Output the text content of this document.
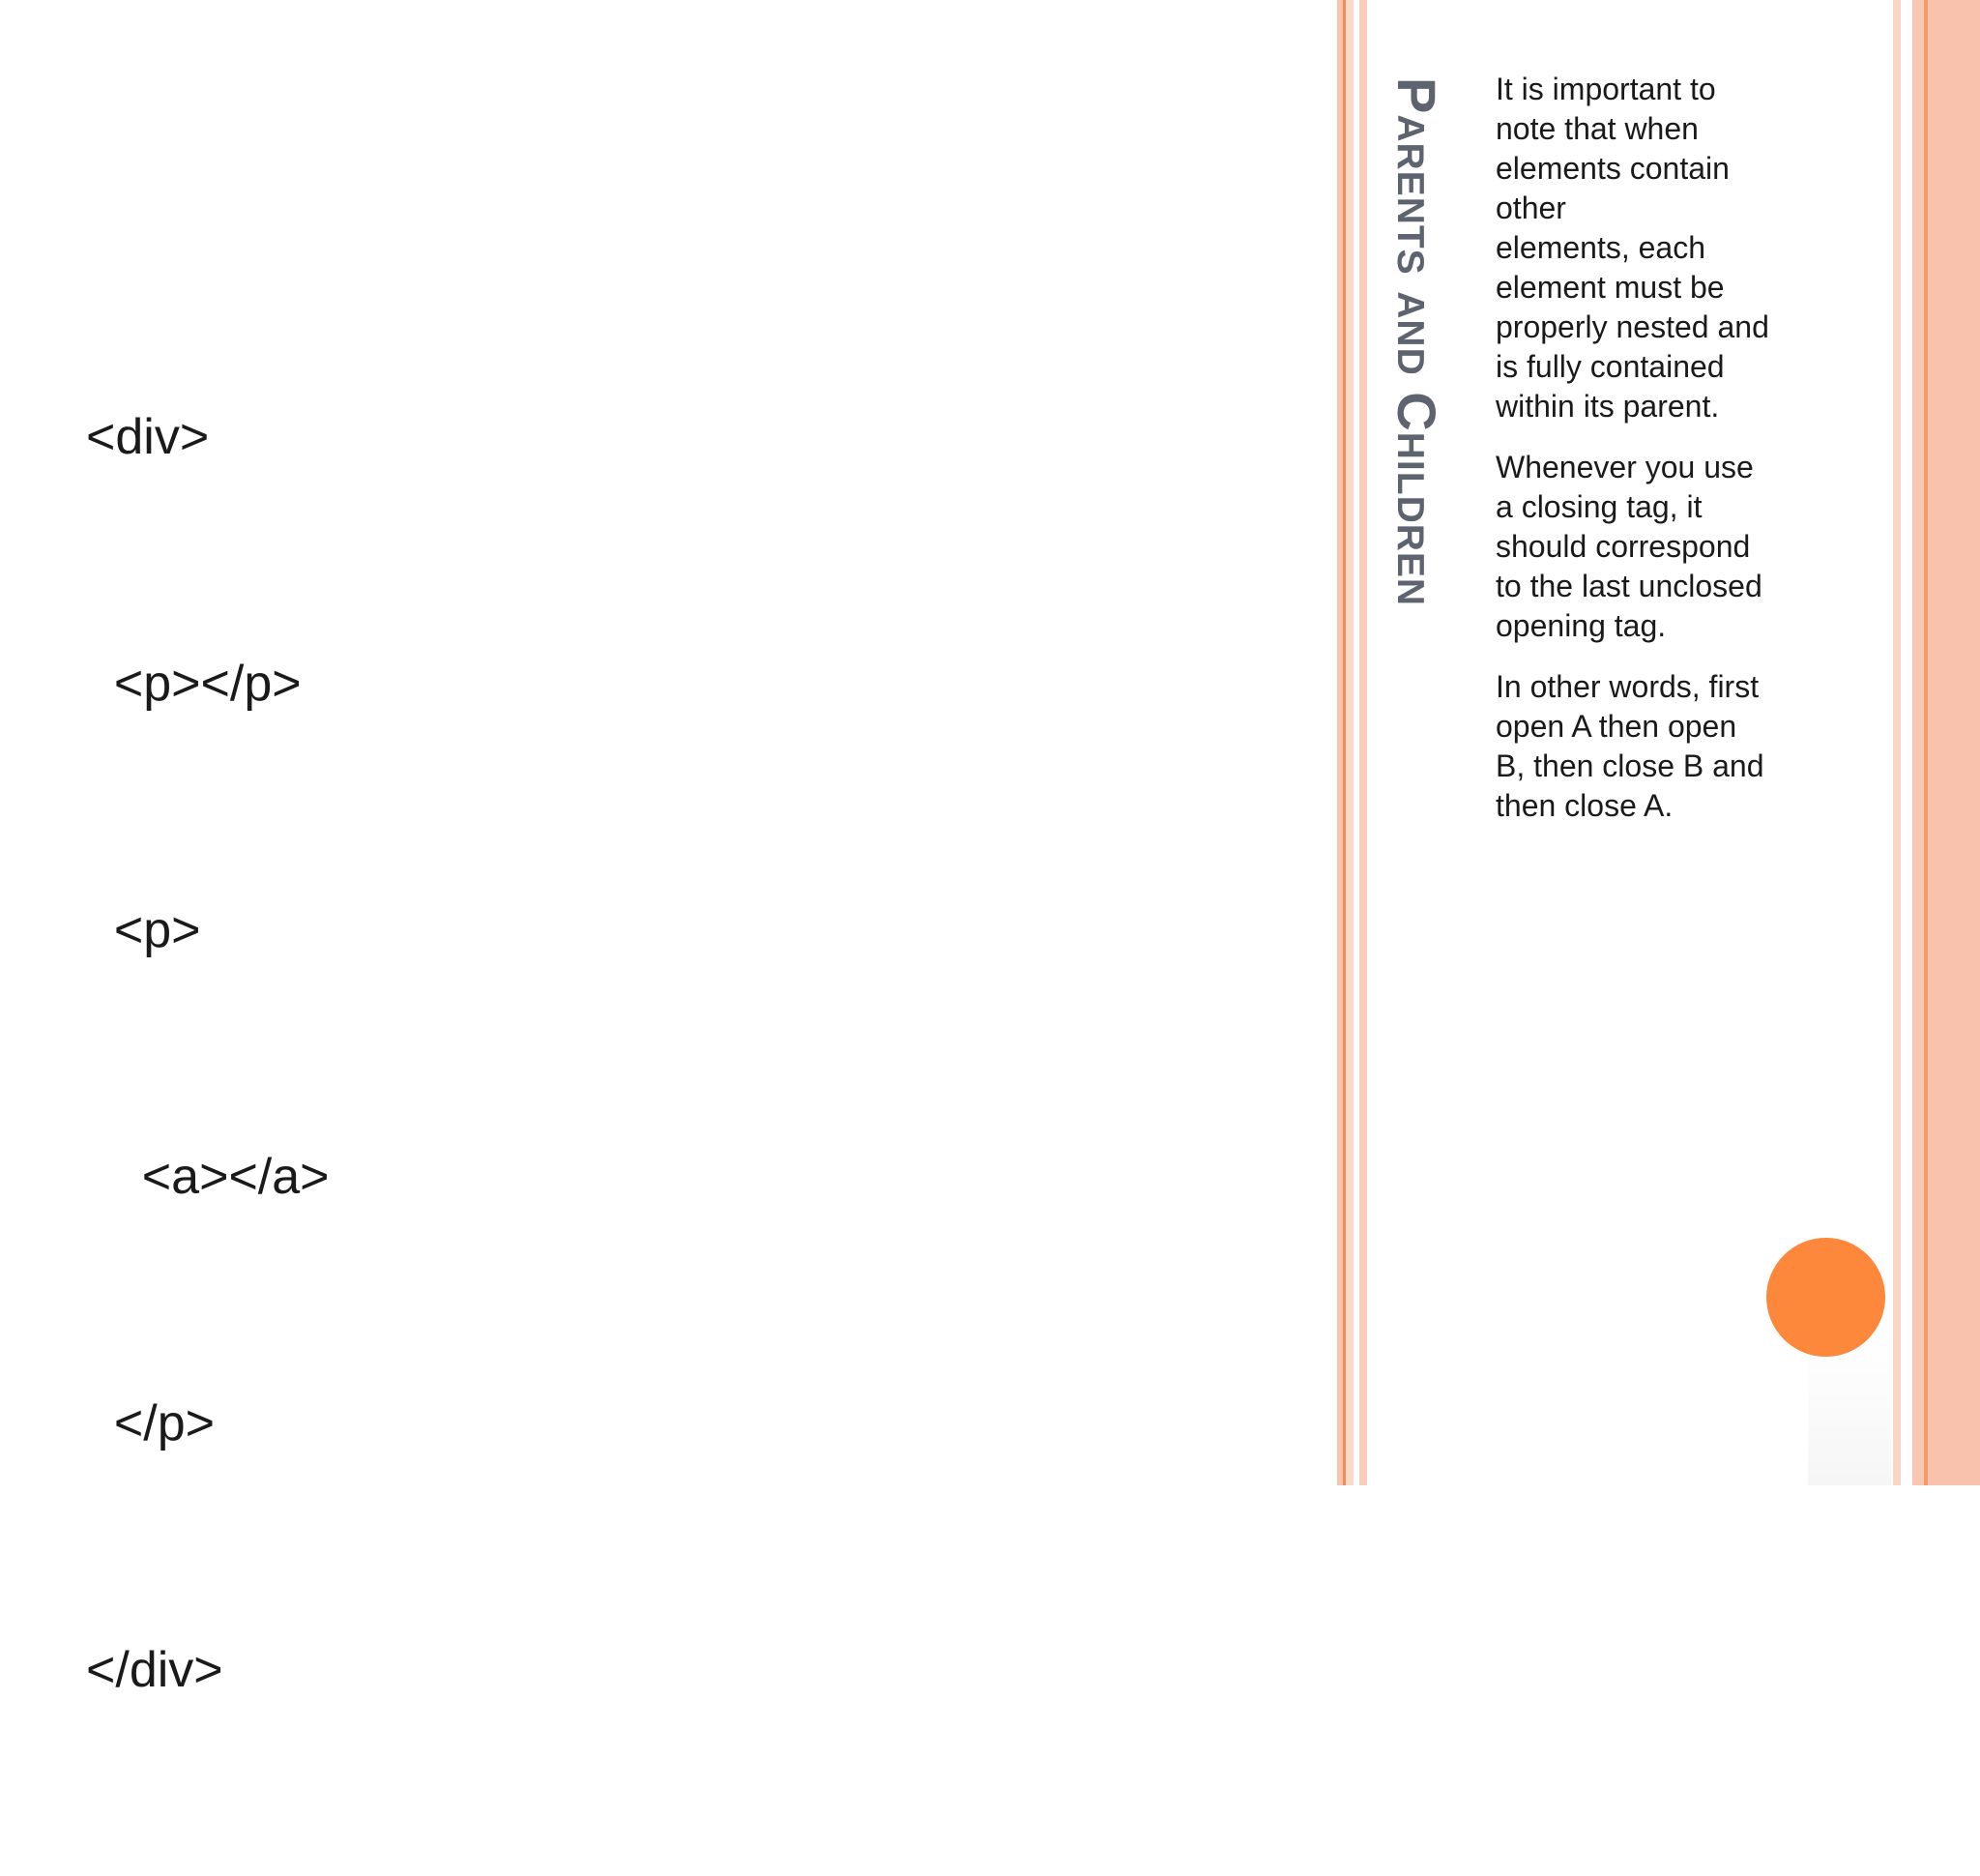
<div>

<p></p>

<p>

<a></a>

</p>

</div>

Parents and Children It is important to
note that when
elements contain
other
elements, each
element must be
properly nested and
is fully contained
within its parent.
Whenever you use
a closing tag, it
should correspond
to the last unclosed
opening tag.
In other words, first
open A then open
B, then close B and
then close A.
